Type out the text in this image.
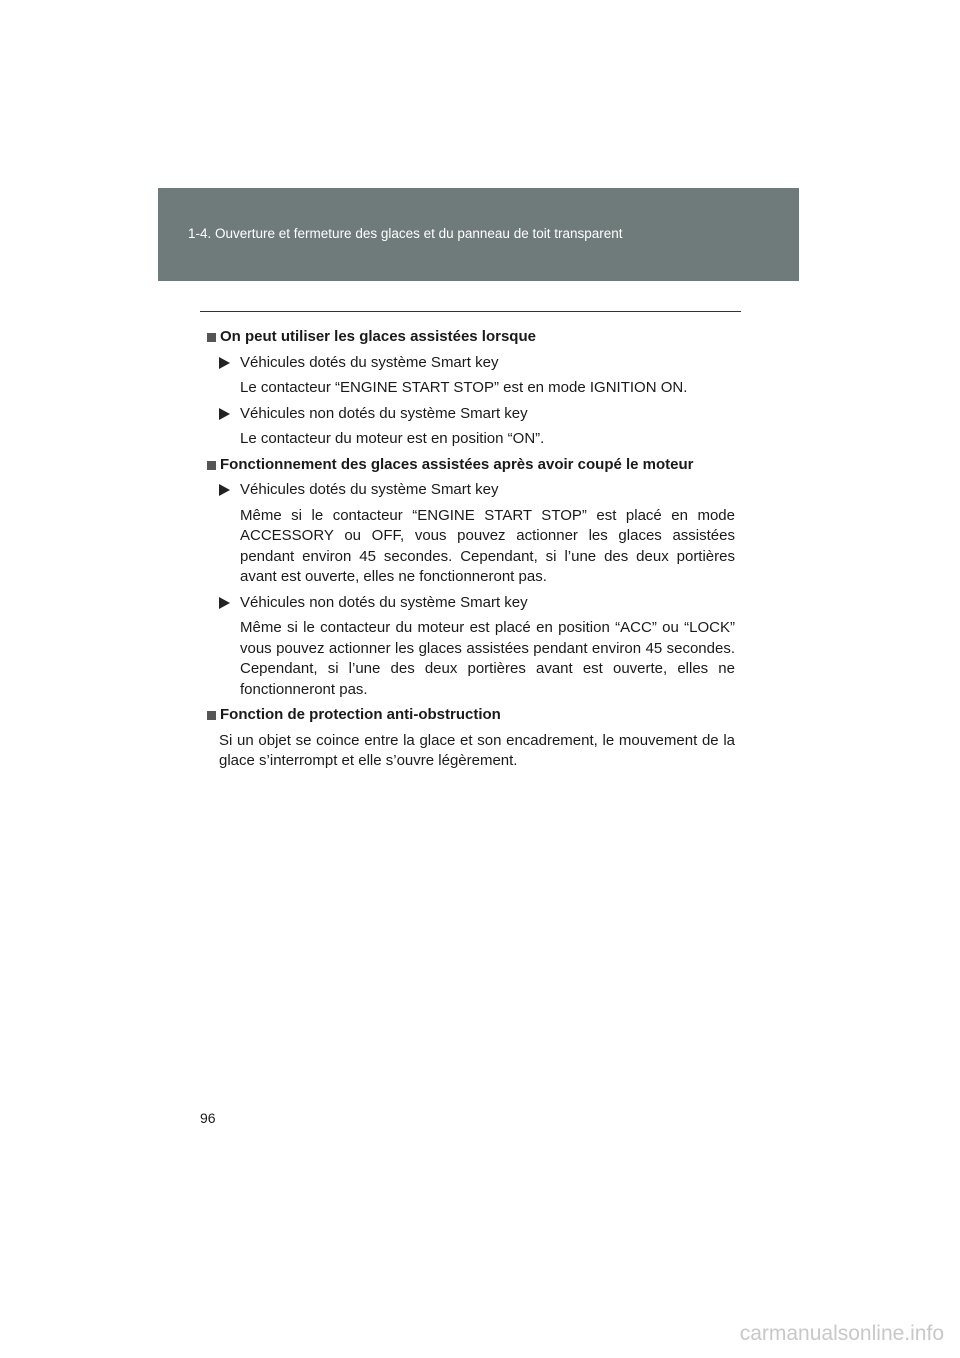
1-4. Ouverture et fermeture des glaces et du panneau de toit transparent
On peut utiliser les glaces assistées lorsque
Véhicules dotés du système Smart key
Le contacteur “ENGINE START STOP” est en mode IGNITION ON.
Véhicules non dotés du système Smart key
Le contacteur du moteur est en position “ON”.
Fonctionnement des glaces assistées après avoir coupé le moteur
Véhicules dotés du système Smart key
Même si le contacteur “ENGINE START STOP” est placé en mode ACCESSORY ou OFF, vous pouvez actionner les glaces assistées pendant environ 45 secondes. Cependant, si l’une des deux portières avant est ouverte, elles ne fonctionneront pas.
Véhicules non dotés du système Smart key
Même si le contacteur du moteur est placé en position “ACC” ou “LOCK” vous pouvez actionner les glaces assistées pendant environ 45 secondes. Cependant, si l’une des deux portières avant est ouverte, elles ne fonctionneront pas.
Fonction de protection anti-obstruction
Si un objet se coince entre la glace et son encadrement, le mouvement de la glace s’interrompt et elle s’ouvre légèrement.
96
carmanualsonline.info
